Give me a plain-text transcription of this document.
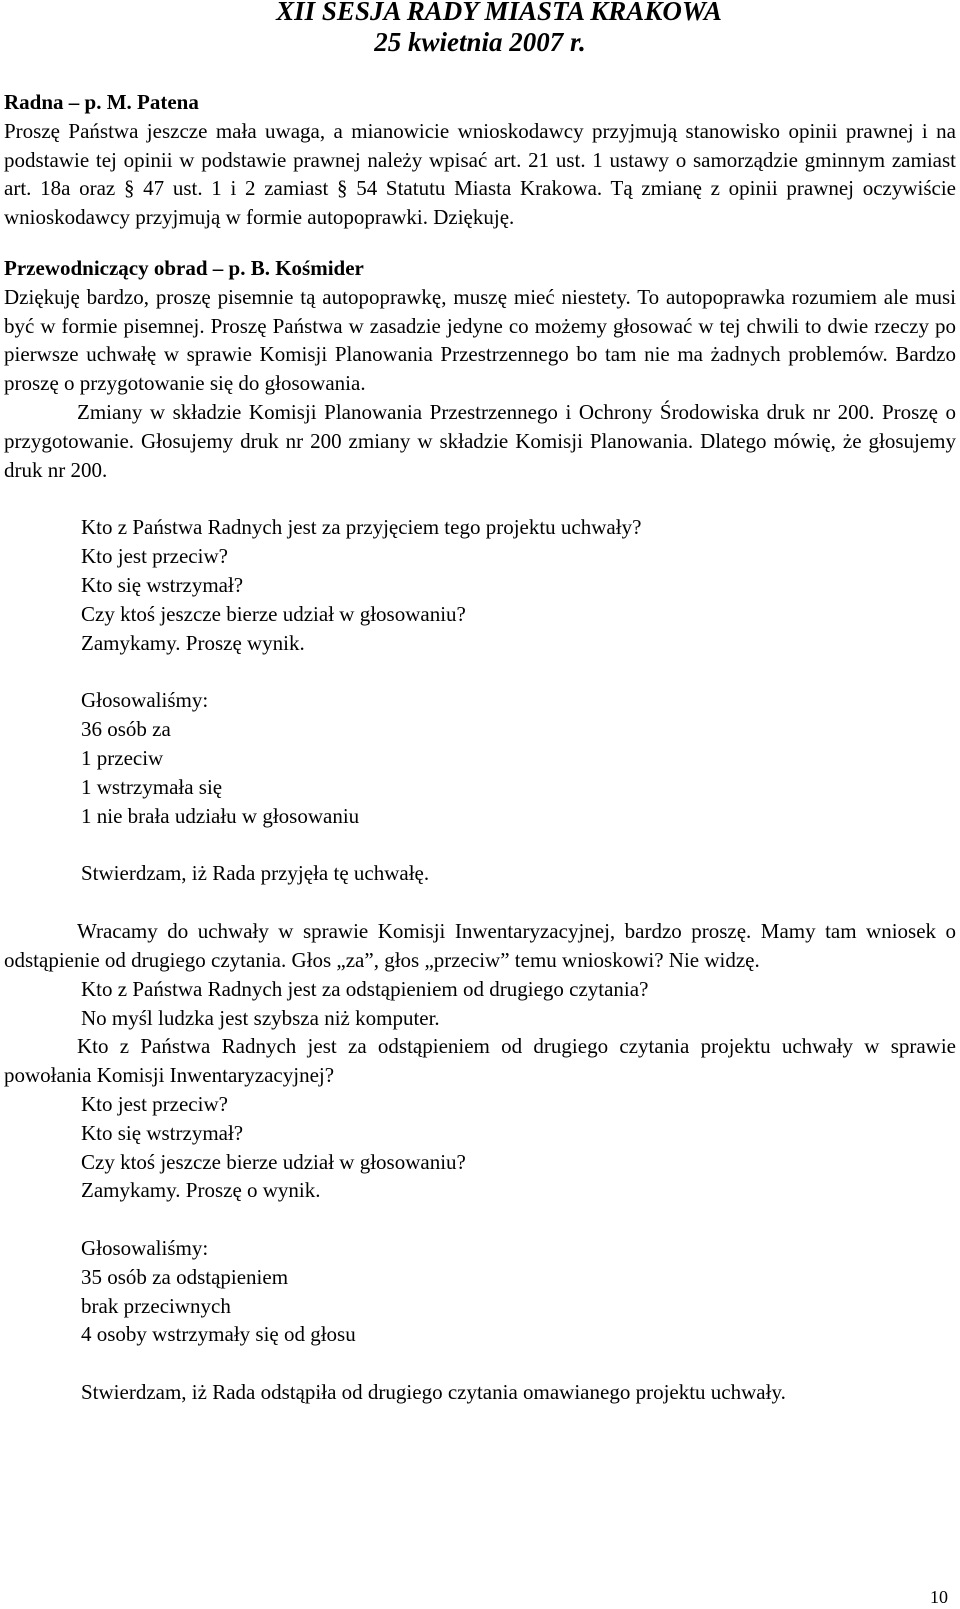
XII SESJA RADY MIASTA KRAKOWA
25 kwietnia 2007 r.

Radna – p. M. Patena

Proszę Państwa jeszcze mała uwaga, a mianowicie wnioskodawcy przyjmują stanowisko opinii prawnej i na podstawie tej opinii w podstawie prawnej należy wpisać art. 21 ust. 1 ustawy o samorządzie gminnym zamiast art. 18a oraz § 47 ust. 1 i 2 zamiast § 54 Statutu Miasta Krakowa. Tą zmianę z opinii prawnej oczywiście wnioskodawcy przyjmują w formie autopoprawki. Dziękuję.

Przewodniczący obrad – p. B. Kośmider

Dziękuję bardzo, proszę pisemnie tą autopoprawkę, muszę mieć niestety. To autopoprawka rozumiem ale musi być w formie pisemnej. Proszę Państwa w zasadzie jedyne co możemy głosować w tej chwili to dwie rzeczy po pierwsze uchwałę w sprawie Komisji Planowania Przestrzennego bo tam nie ma żadnych problemów. Bardzo proszę o przygotowanie się do głosowania.

Zmiany w składzie Komisji Planowania Przestrzennego i Ochrony Środowiska druk nr 200. Proszę o przygotowanie. Głosujemy druk nr 200 zmiany w składzie Komisji Planowania. Dlatego mówię, że głosujemy druk nr 200.

Kto z Państwa Radnych jest za przyjęciem tego projektu uchwały?

Kto jest przeciw?

Kto się wstrzymał?

Czy ktoś jeszcze bierze udział w głosowaniu?

Zamykamy. Proszę wynik.

Głosowaliśmy:

36 osób za

1 przeciw

1 wstrzymała się

1 nie brała udziału w głosowaniu

Stwierdzam, iż Rada przyjęła tę uchwałę.

Wracamy do uchwały w sprawie Komisji Inwentaryzacyjnej, bardzo proszę. Mamy tam wniosek o odstąpienie od drugiego czytania. Głos „za”, głos „przeciw” temu wnioskowi? Nie widzę.

Kto z Państwa Radnych jest za odstąpieniem od drugiego czytania?

No myśl ludzka jest szybsza niż komputer.

Kto z Państwa Radnych jest za odstąpieniem od drugiego czytania projektu uchwały w sprawie powołania Komisji Inwentaryzacyjnej?

Kto jest przeciw?

Kto się wstrzymał?

Czy ktoś jeszcze bierze udział w głosowaniu?

Zamykamy. Proszę o wynik.

Głosowaliśmy:

35 osób za odstąpieniem

brak przeciwnych

4 osoby wstrzymały się od głosu

Stwierdzam, iż Rada odstąpiła od drugiego czytania omawianego projektu uchwały.

10
